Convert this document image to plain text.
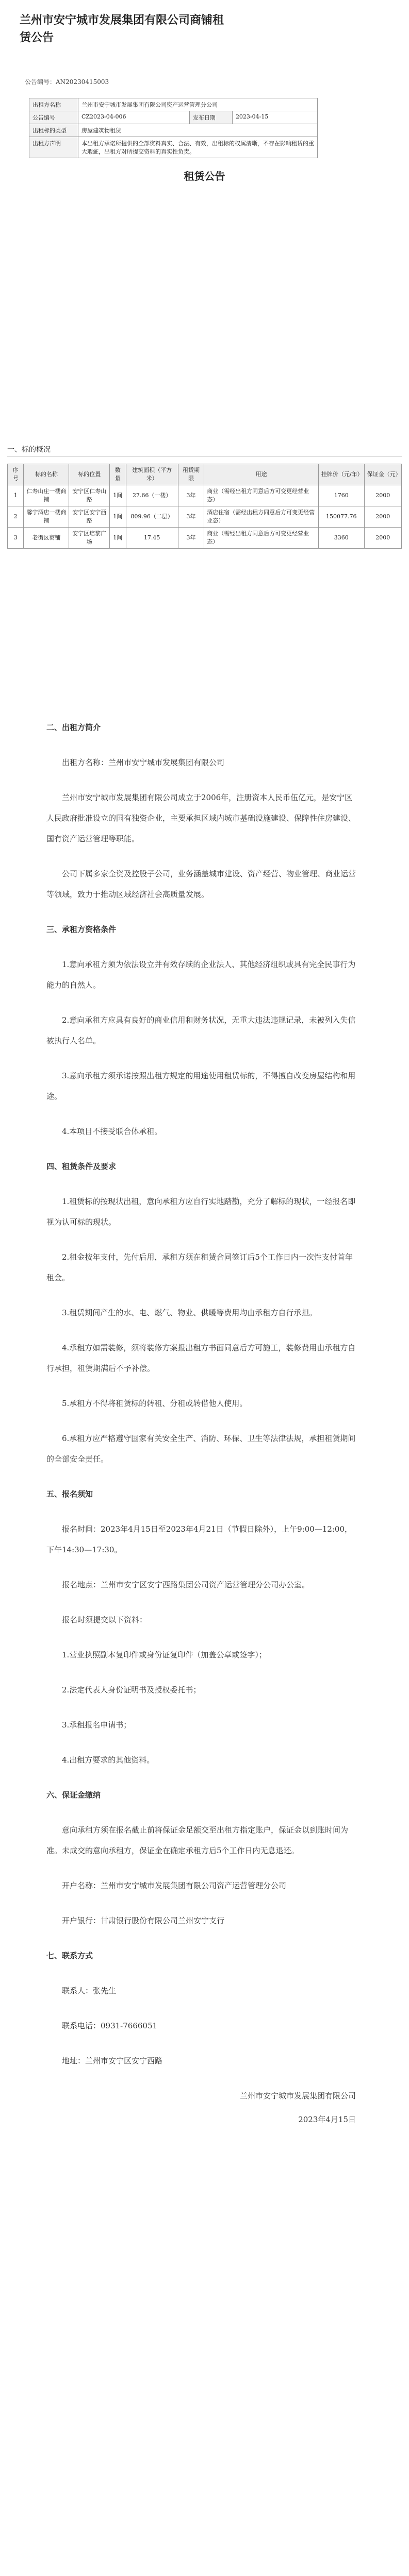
兰州市安宁城市发展集团有限公司商铺租赁公告
公告编号：AN20230415003
出租方名称	兰州市安宁城市发展集团有限公司资产运营管理分公司		
公告编号	CZ2023-04-006	发布日期	2023-04-15
出租标的类型	房屋建筑物租赁		
出租方声明	本出租方承诺所提供的全部资料真实、合法、有效，出租标的权属清晰，不存在影响租赁的重大瑕疵，出租方对所提交资料的真实性负责。		
租赁公告
一、标的概况
序号	标的名称	标的位置	数量	建筑面积（平方米）	租赁期限	用途	挂牌价（元/年）	保证金（元）
1	仁寿山庄一楼商铺	安宁区仁寿山路	1间	27.66（一楼）	3年	商业（需经出租方同意后方可变更经营业态）	1760	2000
2	馨宁酒店一楼商铺	安宁区安宁西路	1间	809.96（二层）	3年	酒店住宿（需经出租方同意后方可变更经营业态）	150077.76	2000
3	老街区商铺	安宁区培黎广场	1间	17.45	3年	商业（需经出租方同意后方可变更经营业态）	3360	2000

二、出租方简介

出租方名称：兰州市安宁城市发展集团有限公司

兰州市安宁城市发展集团有限公司成立于2006年，注册资本人民币伍亿元，是安宁区人民政府批准设立的国有独资企业，主要承担区域内城市基础设施建设、保障性住房建设、国有资产运营管理等职能。

公司下属多家全资及控股子公司，业务涵盖城市建设、资产经营、物业管理、商业运营等领域，致力于推动区域经济社会高质量发展。

三、承租方资格条件

1.意向承租方须为依法设立并有效存续的企业法人、其他经济组织或具有完全民事行为能力的自然人。

2.意向承租方应具有良好的商业信用和财务状况，无重大违法违规记录，未被列入失信被执行人名单。

3.意向承租方须承诺按照出租方规定的用途使用租赁标的，不得擅自改变房屋结构和用途。

4.本项目不接受联合体承租。

四、租赁条件及要求

1.租赁标的按现状出租，意向承租方应自行实地踏勘，充分了解标的现状，一经报名即视为认可标的现状。

2.租金按年支付，先付后用，承租方须在租赁合同签订后5个工作日内一次性支付首年租金。

3.租赁期间产生的水、电、燃气、物业、供暖等费用均由承租方自行承担。

4.承租方如需装修，须将装修方案报出租方书面同意后方可施工，装修费用由承租方自行承担，租赁期满后不予补偿。

5.承租方不得将租赁标的转租、分租或转借他人使用。

6.承租方应严格遵守国家有关安全生产、消防、环保、卫生等法律法规，承担租赁期间的全部安全责任。

五、报名须知

报名时间：2023年4月15日至2023年4月21日（节假日除外），上午9:00—12:00，下午14:30—17:30。

报名地点：兰州市安宁区安宁西路集团公司资产运营管理分公司办公室。

报名时须提交以下资料：

1.营业执照副本复印件或身份证复印件（加盖公章或签字）；

2.法定代表人身份证明书及授权委托书；

3.承租报名申请书；

4.出租方要求的其他资料。

六、保证金缴纳

意向承租方须在报名截止前将保证金足额交至出租方指定账户，保证金以到账时间为准。未成交的意向承租方，保证金在确定承租方后5个工作日内无息退还。

开户名称：兰州市安宁城市发展集团有限公司资产运营管理分公司

开户银行：甘肃银行股份有限公司兰州安宁支行

七、联系方式

联系人：张先生

联系电话：0931-7666051

地址：兰州市安宁区安宁西路

兰州市安宁城市发展集团有限公司

2023年4月15日
